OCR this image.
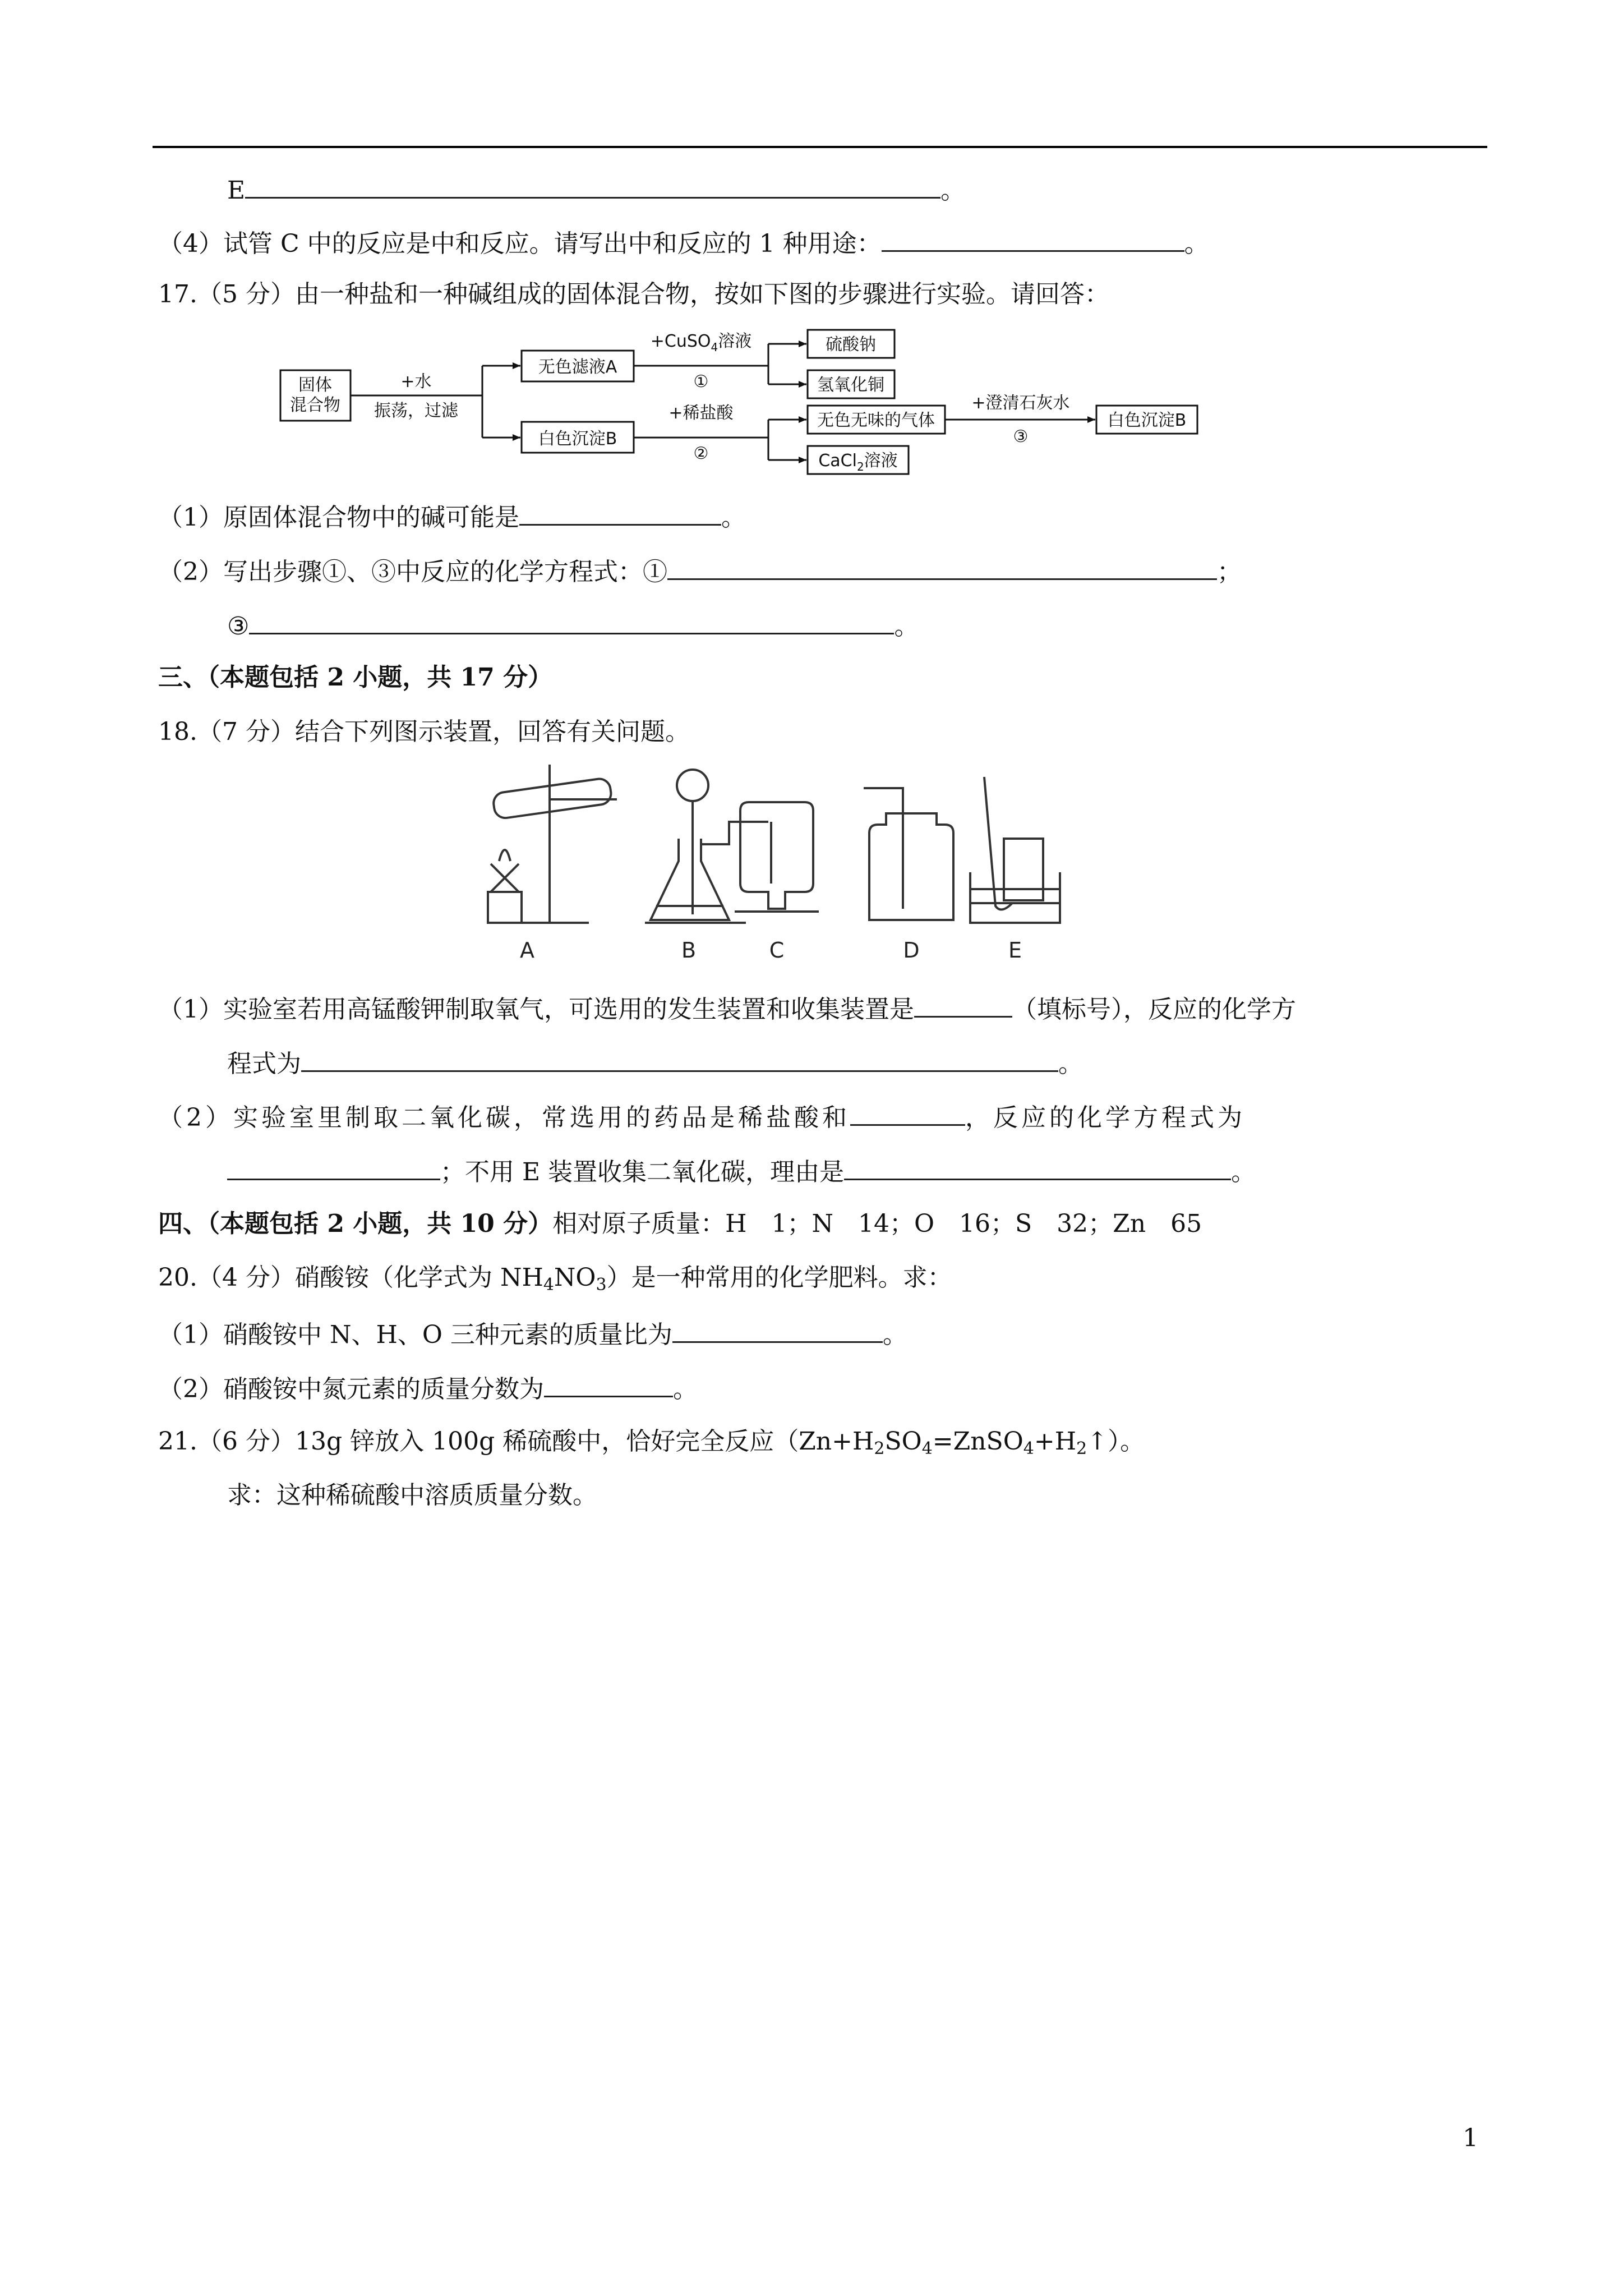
E	。
（4）试管 C 中的反应是中和反应。请写出中和反应的 1 种用途：	。
17.（5 分）由一种盐和一种碱组成的固体混合物，按如下图的步骤进行实验。请回答：
固体
混合物
+水
振荡，过滤
无色滤液A
白色沉淀B
+CuSO$_4$溶液
①
+稀盐酸
②
硫酸钠
氢氧化铜
无色无味的气体
CaCl$_2$溶液
+澄清石灰水
③
白色沉淀B
（1）原固体混合物中的碱可能是	。
（2）写出步骤①、③中反应的化学方程式：①	；
③	。
三、（本题包括 2 小题，共 17 分）
18.（7 分）结合下列图示装置，回答有关问题。
A	B	C	D	E
（1）实验室若用高锰酸钾制取氧气，可选用的发生装置和收集装置是	（填标号），反应的化学方
程式为	。
（2）实验室里制取二氧化碳，常选用的药品是稀盐酸和	，反应的化学方程式为
；不用 E 装置收集二氧化碳，理由是	。
四、（本题包括 2 小题，共 10 分）相对原子质量：H　1；N　14；O　16；S　32；Zn　65
20.（4 分）硝酸铵（化学式为 $NH_4NO_3$）是一种常用的化学肥料。求：
（1）硝酸铵中 N、H、O 三种元素的质量比为	。
（2）硝酸铵中氮元素的质量分数为	。
21.（6 分）13g 锌放入 100g 稀硫酸中，恰好完全反应$(Zn+H_2SO_4=ZnSO_4+H_2↑)$。
求：这种稀硫酸中溶质质量分数。
1
